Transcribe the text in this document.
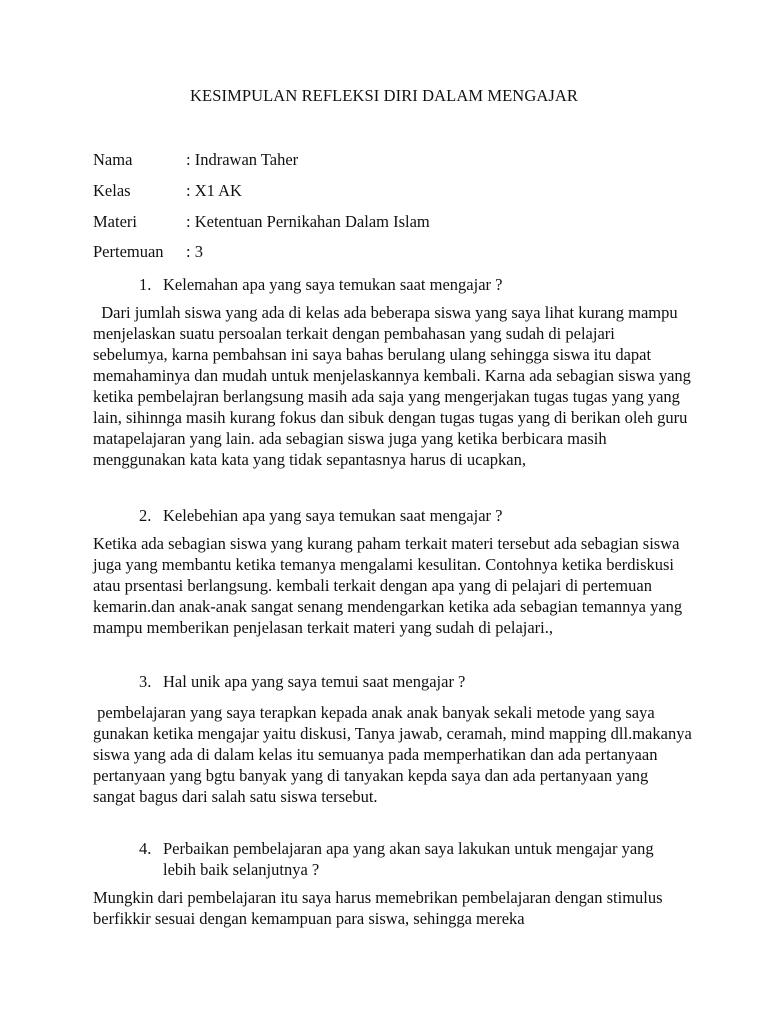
KESIMPULAN REFLEKSI DIRI DALAM MENGAJAR
Nama	: Indrawan Taher
Kelas	: X1 AK
Materi	: Ketentuan Pernikahan Dalam Islam
Pertemuan : 3
1. Kelemahan apa yang saya temukan saat mengajar ?

Dari jumlah siswa yang ada di kelas ada beberapa siswa yang saya lihat kurang mampu menjelaskan suatu persoalan terkait dengan pembahasan yang sudah di pelajari sebelumya, karna pembahsan ini saya bahas berulang ulang sehingga siswa itu dapat memahaminya dan mudah untuk menjelaskannya kembali. Karna ada sebagian siswa yang ketika pembelajran berlangsung masih ada saja yang mengerjakan tugas tugas yang yang lain, sihinnga masih kurang fokus dan sibuk dengan tugas tugas yang di berikan oleh guru matapelajaran yang lain. ada sebagian siswa juga yang ketika berbicara masih menggunakan kata kata yang tidak sepantasnya harus di ucapkan,

2. Kelebehian apa yang saya temukan saat mengajar ?

Ketika ada sebagian siswa yang kurang paham terkait materi tersebut ada sebagian siswa juga yang membantu ketika temanya mengalami kesulitan. Contohnya ketika berdiskusi atau prsentasi berlangsung. kembali terkait dengan apa yang di pelajari di pertemuan kemarin.dan anak-anak sangat senang mendengarkan ketika ada sebagian temannya yang mampu memberikan penjelasan terkait materi yang sudah di pelajari.,

3. Hal unik apa yang saya temui saat mengajar ?

pembelajaran yang saya terapkan kepada anak anak banyak sekali metode yang saya gunakan ketika mengajar yaitu diskusi, Tanya jawab, ceramah, mind mapping dll.makanya siswa yang ada di dalam kelas itu semuanya pada memperhatikan dan ada pertanyaan pertanyaan yang bgtu banyak yang di tanyakan kepda saya dan ada pertanyaan yang sangat bagus dari salah satu siswa tersebut.

4. Perbaikan pembelajaran apa yang akan saya lakukan untuk mengajar yang lebih baik selanjutnya ?

Mungkin dari pembelajaran itu saya harus memebrikan pembelajaran dengan stimulus berfikkir sesuai dengan kemampuan para siswa, sehingga mereka
